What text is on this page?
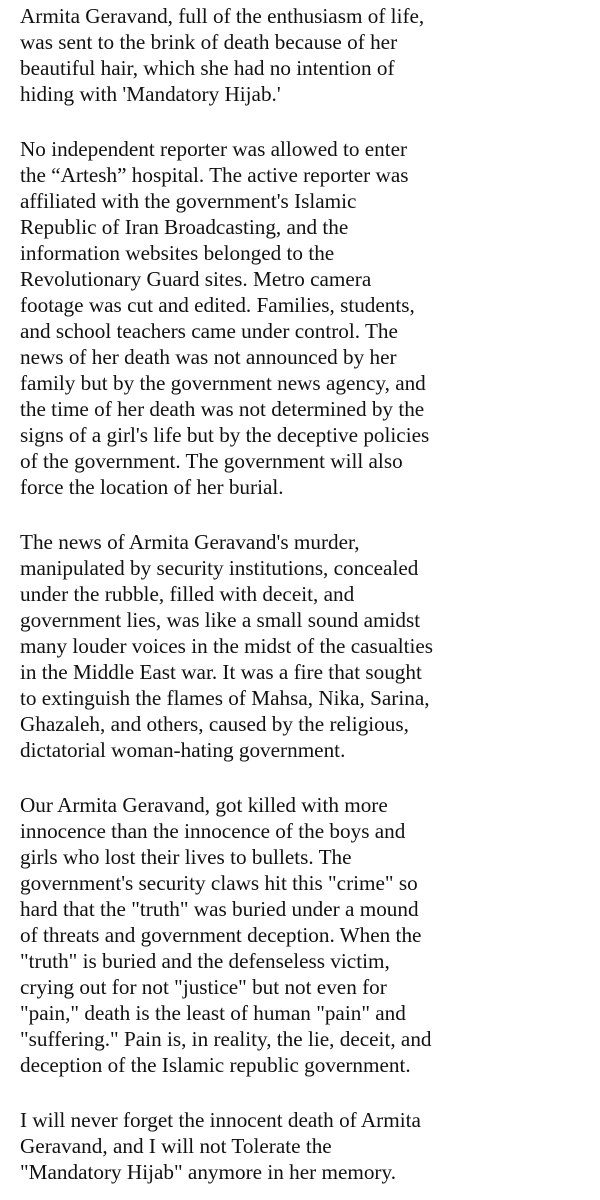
Armita Geravand, full of the enthusiasm of life,
was sent to the brink of death because of her
beautiful hair, which she had no intention of
hiding with 'Mandatory Hijab.'

No independent reporter was allowed to enter
the “Artesh” hospital. The active reporter was
affiliated with the government's Islamic
Republic of Iran Broadcasting, and the
information websites belonged to the
Revolutionary Guard sites. Metro camera
footage was cut and edited. Families, students,
and school teachers came under control. The
news of her death was not announced by her
family but by the government news agency, and
the time of her death was not determined by the
signs of a girl's life but by the deceptive policies
of the government. The government will also
force the location of her burial.

The news of Armita Geravand's murder,
manipulated by security institutions, concealed
under the rubble, filled with deceit, and
government lies, was like a small sound amidst
many louder voices in the midst of the casualties
in the Middle East war. It was a fire that sought
to extinguish the flames of Mahsa, Nika, Sarina,
Ghazaleh, and others, caused by the religious,
dictatorial woman-hating government.

Our Armita Geravand, got killed with more
innocence than the innocence of the boys and
girls who lost their lives to bullets. The
government's security claws hit this "crime" so
hard that the "truth" was buried under a mound
of threats and government deception. When the
"truth" is buried and the defenseless victim,
crying out for not "justice" but not even for
"pain," death is the least of human "pain" and
"suffering." Pain is, in reality, the lie, deceit, and
deception of the Islamic republic government.

I will never forget the innocent death of Armita
Geravand, and I will not Tolerate the
"Mandatory Hijab" anymore in her memory.
